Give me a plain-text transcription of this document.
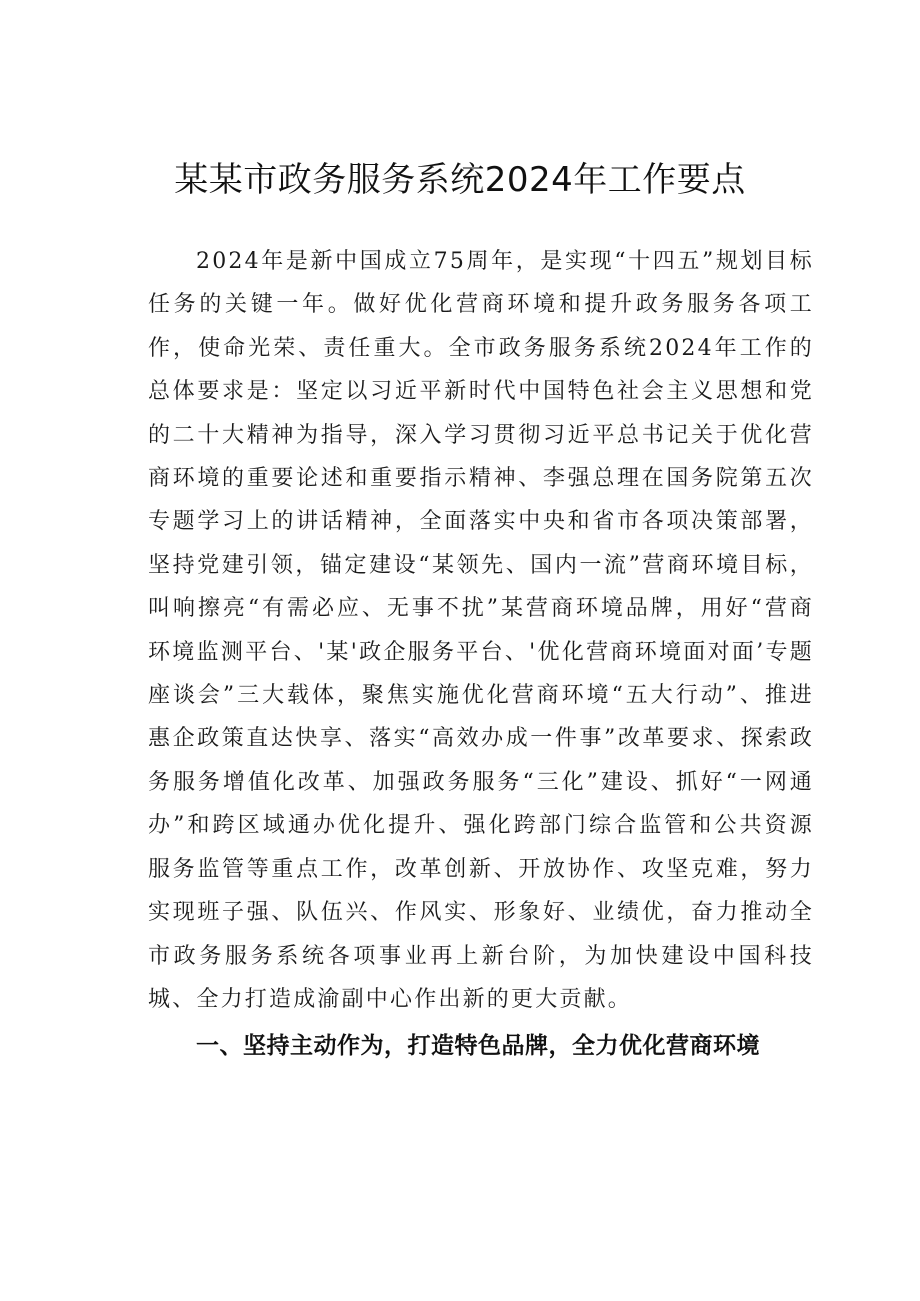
某某市政务服务系统2024年工作要点

2024年是新中国成立75周年，是实现“十四五”规划目标任务的关键一年。做好优化营商环境和提升政务服务各项工作，使命光荣、责任重大。全市政务服务系统2024年工作的总体要求是：坚定以习近平新时代中国特色社会主义思想和党的二十大精神为指导，深入学习贯彻习近平总书记关于优化营商环境的重要论述和重要指示精神、李强总理在国务院第五次专题学习上的讲话精神，全面落实中央和省市各项决策部署，坚持党建引领，锚定建设“某领先、国内一流”营商环境目标，叫响擦亮“有需必应、无事不扰”某营商环境品牌，用好“营商环境监测平台、'某'政企服务平台、'优化营商环境面对面’专题座谈会”三大载体，聚焦实施优化营商环境“五大行动”、推进惠企政策直达快享、落实“高效办成一件事”改革要求、探索政务服务增值化改革、加强政务服务“三化”建设、抓好“一网通办”和跨区域通办优化提升、强化跨部门综合监管和公共资源服务监管等重点工作，改革创新、开放协作、攻坚克难，努力实现班子强、队伍兴、作风实、形象好、业绩优，奋力推动全市政务服务系统各项事业再上新台阶，为加快建设中国科技城、全力打造成渝副中心作出新的更大贡献。

一、坚持主动作为，打造特色品牌，全力优化营商环境
